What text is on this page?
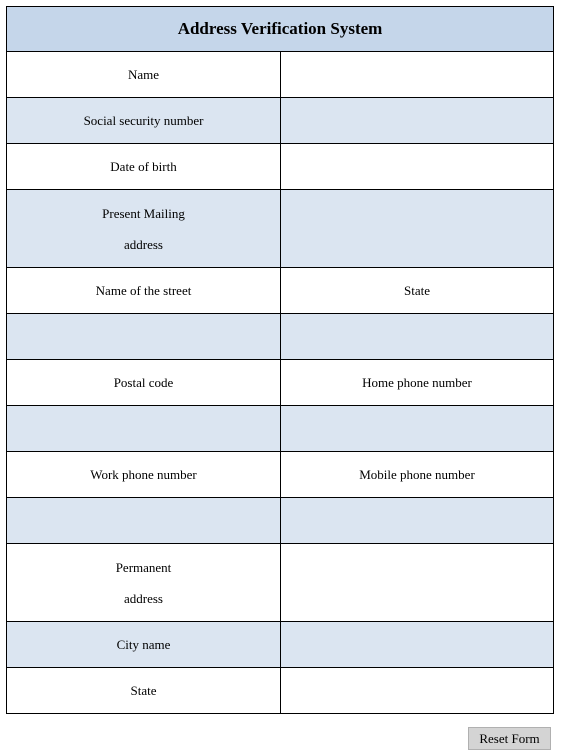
Address Verification System	
Name	
Social security number	
Date of birth	

Present Mailing
address

Name of the street	State

Postal code	Home phone number

Work phone number	Mobile phone number

Permanent
address

City name	
State	
Reset Form
